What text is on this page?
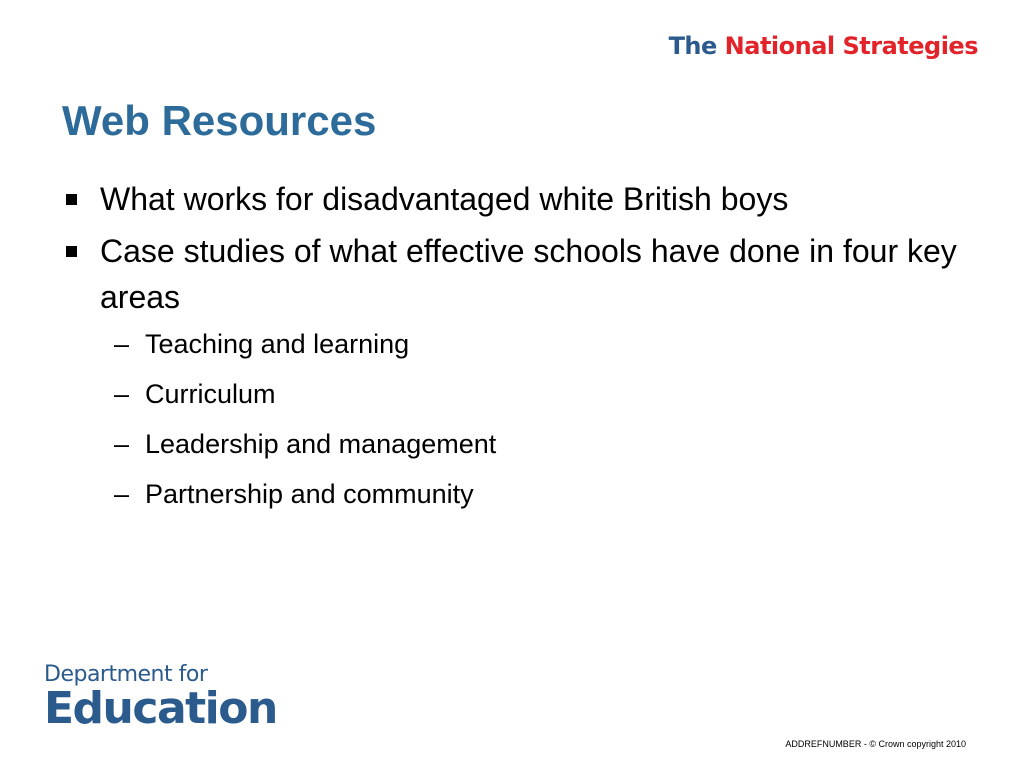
The National Strategies
Web Resources
What works for disadvantaged white British boys
Case studies of what effective schools have done in four key areas
– Teaching and learning
– Curriculum
– Leadership and management
– Partnership and community
Department for
Education
ADDREFNUMBER - © Crown copyright 2010
